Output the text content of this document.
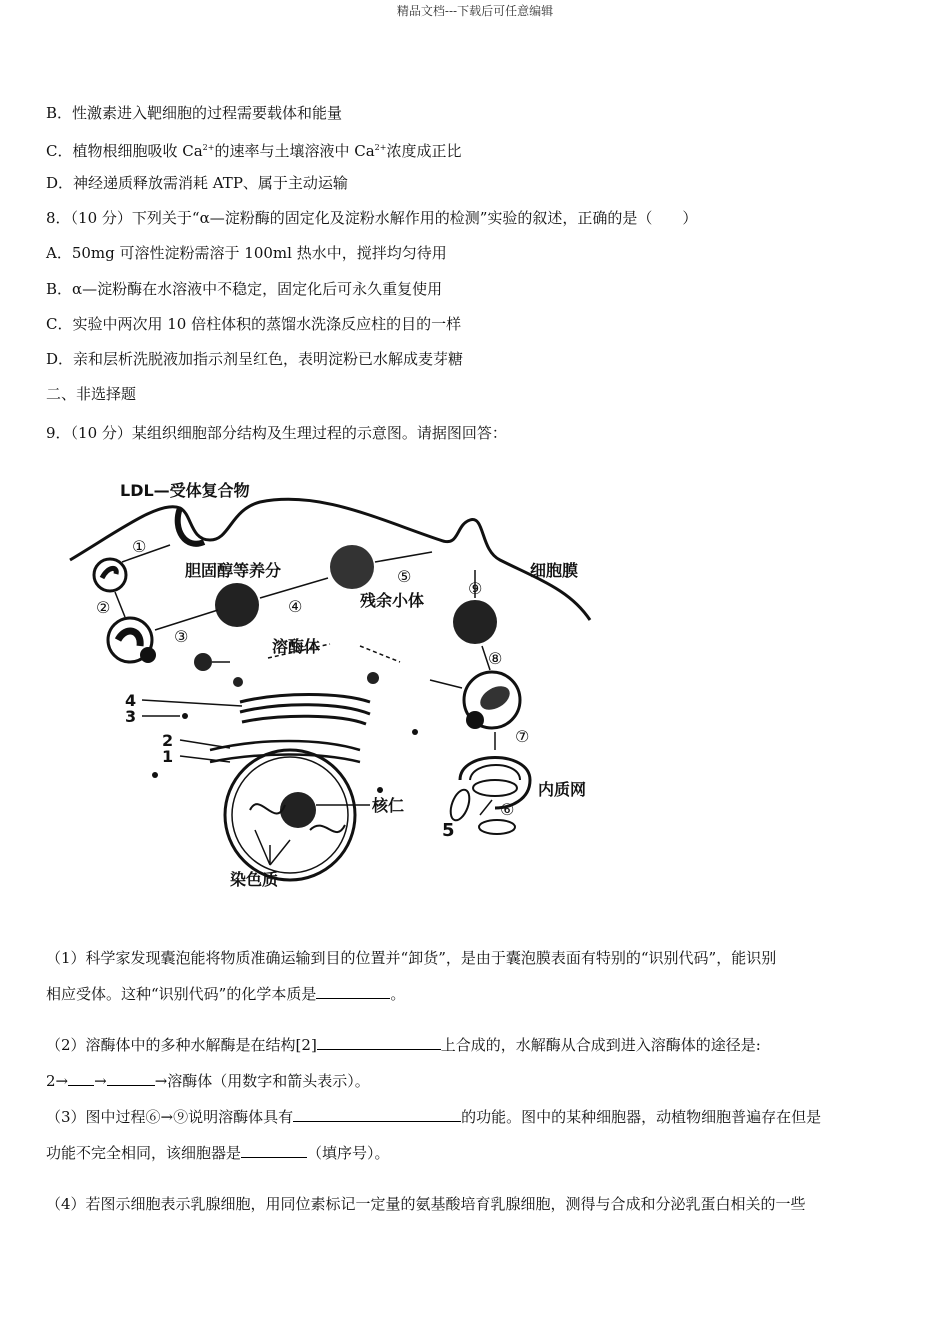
精品文档---下载后可任意编辑
B．性激素进入靶细胞的过程需要载体和能量
C．植物根细胞吸收 $Ca^{2+}$的速率与土壤溶液中 $Ca^{2+}$浓度成正比
D．神经递质释放需消耗 ATP、属于主动运输
8．（10 分）下列关于“α—淀粉酶的固定化及淀粉水解作用的检测”实验的叙述，正确的是（　　）
A．50mg 可溶性淀粉需溶于 100ml 热水中，搅拌均匀待用
B．α—淀粉酶在水溶液中不稳定，固定化后可永久重复使用
C．实验中两次用 10 倍柱体积的蒸馏水洗涤反应柱的目的一样
D．亲和层析洗脱液加指示剂呈红色，表明淀粉已水解成麦芽糖
二、非选择题
9．（10 分）某组织细胞部分结构及生理过程的示意图。请据图回答：
LDL—受体复合物
胆固醇等养分	细胞膜
残余小体
溶酶体
内质网
核仁
染色质
①
②
③
④
⑤
⑥
⑦
⑧
⑨
1
2
3
4
5
（1）科学家发现囊泡能将物质准确运输到目的位置并“卸货”，是由于囊泡膜表面有特别的“识别代码”，能识别
相应受体。这种“识别代码”的化学本质是	。
（2）溶酶体中的多种水解酶是在结构[2]	上合成的，水解酶从合成到进入溶酶体的途径是:
2→ →	→溶酶体（用数字和箭头表示）。
（3）图中过程⑥→⑨说明溶酶体具有	的功能。图中的某种细胞器，动植物细胞普遍存在但是
功能不完全相同，该细胞器是	（填序号）。
（4）若图示细胞表示乳腺细胞，用同位素标记一定量的氨基酸培育乳腺细胞，测得与合成和分泌乳蛋白相关的一些
